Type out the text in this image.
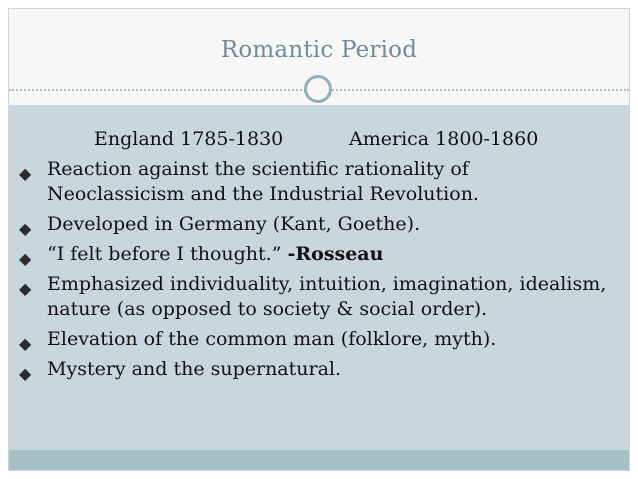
Romantic Period
England 1785-1830	America 1800-1860
◆ Reaction against the scientific rationality of Neoclassicism and the Industrial Revolution.
◆ Developed in Germany (Kant, Goethe).
◆ “I felt before I thought.” -Rosseau
◆ Emphasized individuality, intuition, imagination, idealism, nature (as opposed to society & social order).
◆ Elevation of the common man (folklore, myth).
◆ Mystery and the supernatural.
